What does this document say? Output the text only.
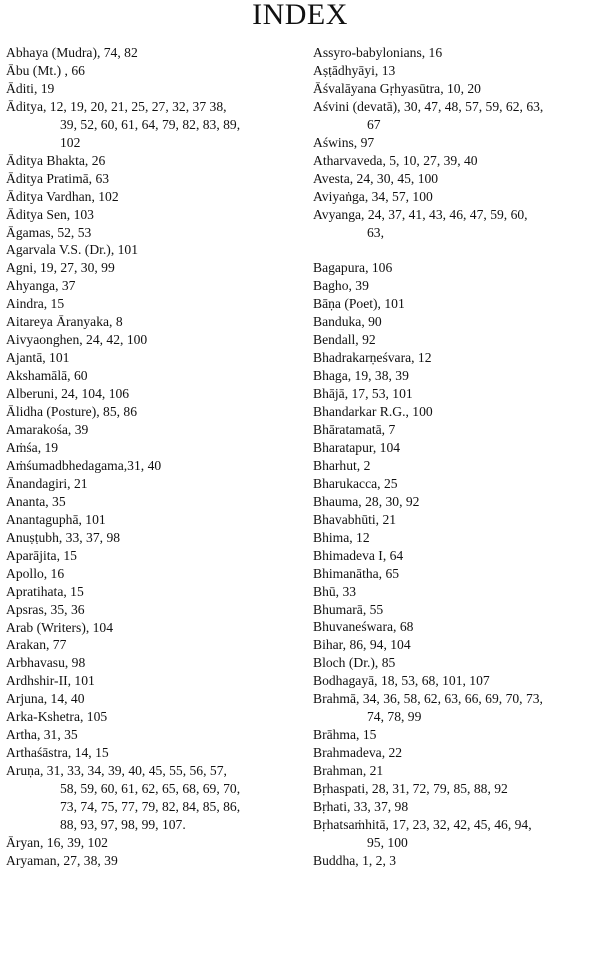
INDEX
Abhaya (Mudra), 74, 82
Ābu (Mt.) , 66
Āditi, 19
Āditya, 12, 19, 20, 21, 25, 27, 32, 37 38,
39, 52, 60, 61, 64, 79, 82, 83, 89,
102
Āditya Bhakta, 26
Āditya Pratimā, 63
Āditya Vardhan, 102
Āditya Sen, 103
Āgamas, 52, 53
Agarvala V.S. (Dr.), 101
Agni, 19, 27, 30, 99
Ahyanga, 37
Aindra, 15
Aitareya Āranyaka, 8
Aivyaonghen, 24, 42, 100
Ajantā, 101
Akshamālā, 60
Alberuni, 24, 104, 106
Ālidha (Posture), 85, 86
Amarakośa, 39
Aṁśa, 19
Aṁśumadbhedagama,31, 40
Ānandagiri, 21
Ananta, 35
Anantaguphā, 101
Anuṣṭubh, 33, 37, 98
Aparājita, 15
Apollo, 16
Apratihata, 15
Apsras, 35, 36
Arab (Writers), 104
Arakan, 77
Arbhavasu, 98
Ardhshir-II, 101
Arjuna, 14, 40
Arka-Kshetra, 105
Artha, 31, 35
Arthaśāstra, 14, 15
Aruṇa, 31, 33, 34, 39, 40, 45, 55, 56, 57,
58, 59, 60, 61, 62, 65, 68, 69, 70,
73, 74, 75, 77, 79, 82, 84, 85, 86,
88, 93, 97, 98, 99, 107.
Āryan, 16, 39, 102
Aryaman, 27, 38, 39
Assyro-babylonians, 16
Aṣṭādhyāyi, 13
Āśvalāyana Gṛhyasūtra, 10, 20
Aśvini (devatā), 30, 47, 48, 57, 59, 62, 63,
67
Aświns, 97
Atharvaveda, 5, 10, 27, 39, 40
Avesta, 24, 30, 45, 100
Aviyaṅga, 34, 57, 100
Avyanga, 24, 37, 41, 43, 46, 47, 59, 60,
63,
Bagapura, 106
Bagho, 39
Bāṇa (Poet), 101
Banduka, 90
Bendall, 92
Bhadrakarṇeśvara, 12
Bhaga, 19, 38, 39
Bhājā, 17, 53, 101
Bhandarkar R.G., 100
Bhāratamatā, 7
Bharatapur, 104
Bharhut, 2
Bharukacca, 25
Bhauma, 28, 30, 92
Bhavabhūti, 21
Bhima, 12
Bhimadeva I, 64
Bhimanātha, 65
Bhū, 33
Bhumarā, 55
Bhuvaneśwara, 68
Bihar, 86, 94, 104
Bloch (Dr.), 85
Bodhagayā, 18, 53, 68, 101, 107
Brahmā, 34, 36, 58, 62, 63, 66, 69, 70, 73,
74, 78, 99
Brāhma, 15
Brahmadeva, 22
Brahman, 21
Bṛhaspati, 28, 31, 72, 79, 85, 88, 92
Bṛhati, 33, 37, 98
Bṛhatsaṁhitā, 17, 23, 32, 42, 45, 46, 94,
95, 100
Buddha, 1, 2, 3
